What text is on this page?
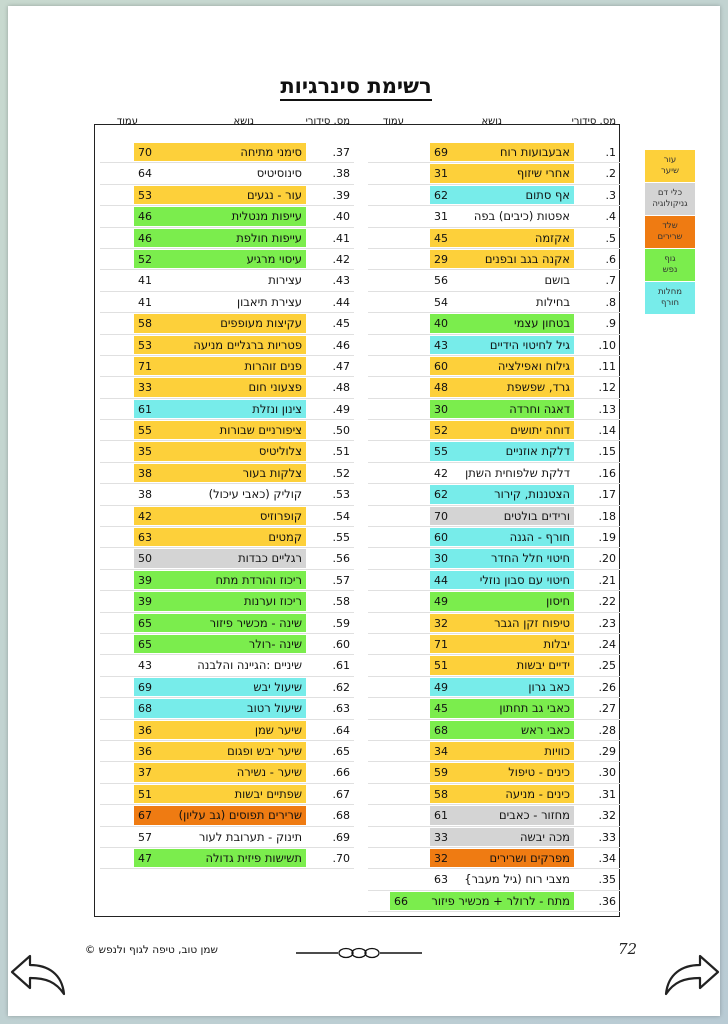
רשימת סינרגיות
מס. סידורי
נושא
עמוד
1.
אבעבועות רוח
69
2.
אחרי שיזוף
31
3.
אף סתום
62
4.
אפטות (כיבים) בפה
31
5.
אקזמה
45
6.
אקנה בגב ובפנים
29
7.
בושם
56
8.
בחילות
54
9.
בטחון עצמי
40
10.
גיל לחיטוי הידיים
43
11.
גילוח ואפילציה
60
12.
גרד, שפשפת
48
13.
דאגה וחרדה
30
14.
דוחה יתושים
52
15.
דלקת אוזניים
55
16.
דלקת שלפוחית השתן
42
17.
הצטננות, קירור
62
18.
ורידים בולטים
70
19.
חורף - הגנה
60
20.
חיטוי חלל החדר
30
21.
חיטוי עם סבון נוזלי
44
22.
חיסון
49
23.
טיפוח זקן הגבר
32
24.
יבלות
71
25.
ידיים יבשות
51
26.
כאב גרון
49
27.
כאבי גב תחתון
45
28.
כאבי ראש
68
29.
כוויות
34
30.
כינים - טיפול
59
31.
כינים - מניעה
58
32.
מחזור - כאבים
61
33.
מכה יבשה
33
34.
מפרקים ושרירים
32
35.
מצבי רוח (גיל מעבר}
63
36.
מתח - לרולר + מכשיר פיזור
66
מס. סידורי
נושא
עמוד
37.
סימני מתיחה
70
38.
סינוסיטיס
64
39.
עור - נגעים
53
40.
עייפות מנטלית
46
41.
עייפות חולפת
46
42.
עיסוי מרגיע
52
43.
עצירות
41
44.
עצירת תיאבון
41
45.
עקיצות מעופפים
58
46.
פטריות ברגליים מניעה
53
47.
פנים זוהרות
71
48.
פצעוני חום
33
49.
צינון ונזלת
61
50.
ציפורניים שבורות
55
51.
צלוליטיס
35
52.
צלקות בעור
38
53.
קוליק (כאבי עיכול)
38
54.
קופרוזיס
42
55.
קמטים
63
56.
רגליים כבדות
50
57.
ריכוז והורדת מתח
39
58.
ריכוז וערנות
39
59.
שינה - מכשיר פיזור
65
60.
שינה -רולר
65
61.
שיניים :הגיינה והלבנה
43
62.
שיעול יבש
69
63.
שיעול רטוב
68
64.
שיער שמן
36
65.
שיער יבש ופגום
36
66.
שיער - נשירה
37
67.
שפתיים יבשות
51
68.
שרירים תפוסים (גב עליון)
67
69.
תינוק - תערובת לעור
57
70.
תשישות פיזית גדולה
47
עור
שיער
כלי דם
גניקולוגיה
שלד
שרירים
גוף
נפש
מחלות
חורף
שמן טוב, טיפה לגוף ולנפש ©	72
